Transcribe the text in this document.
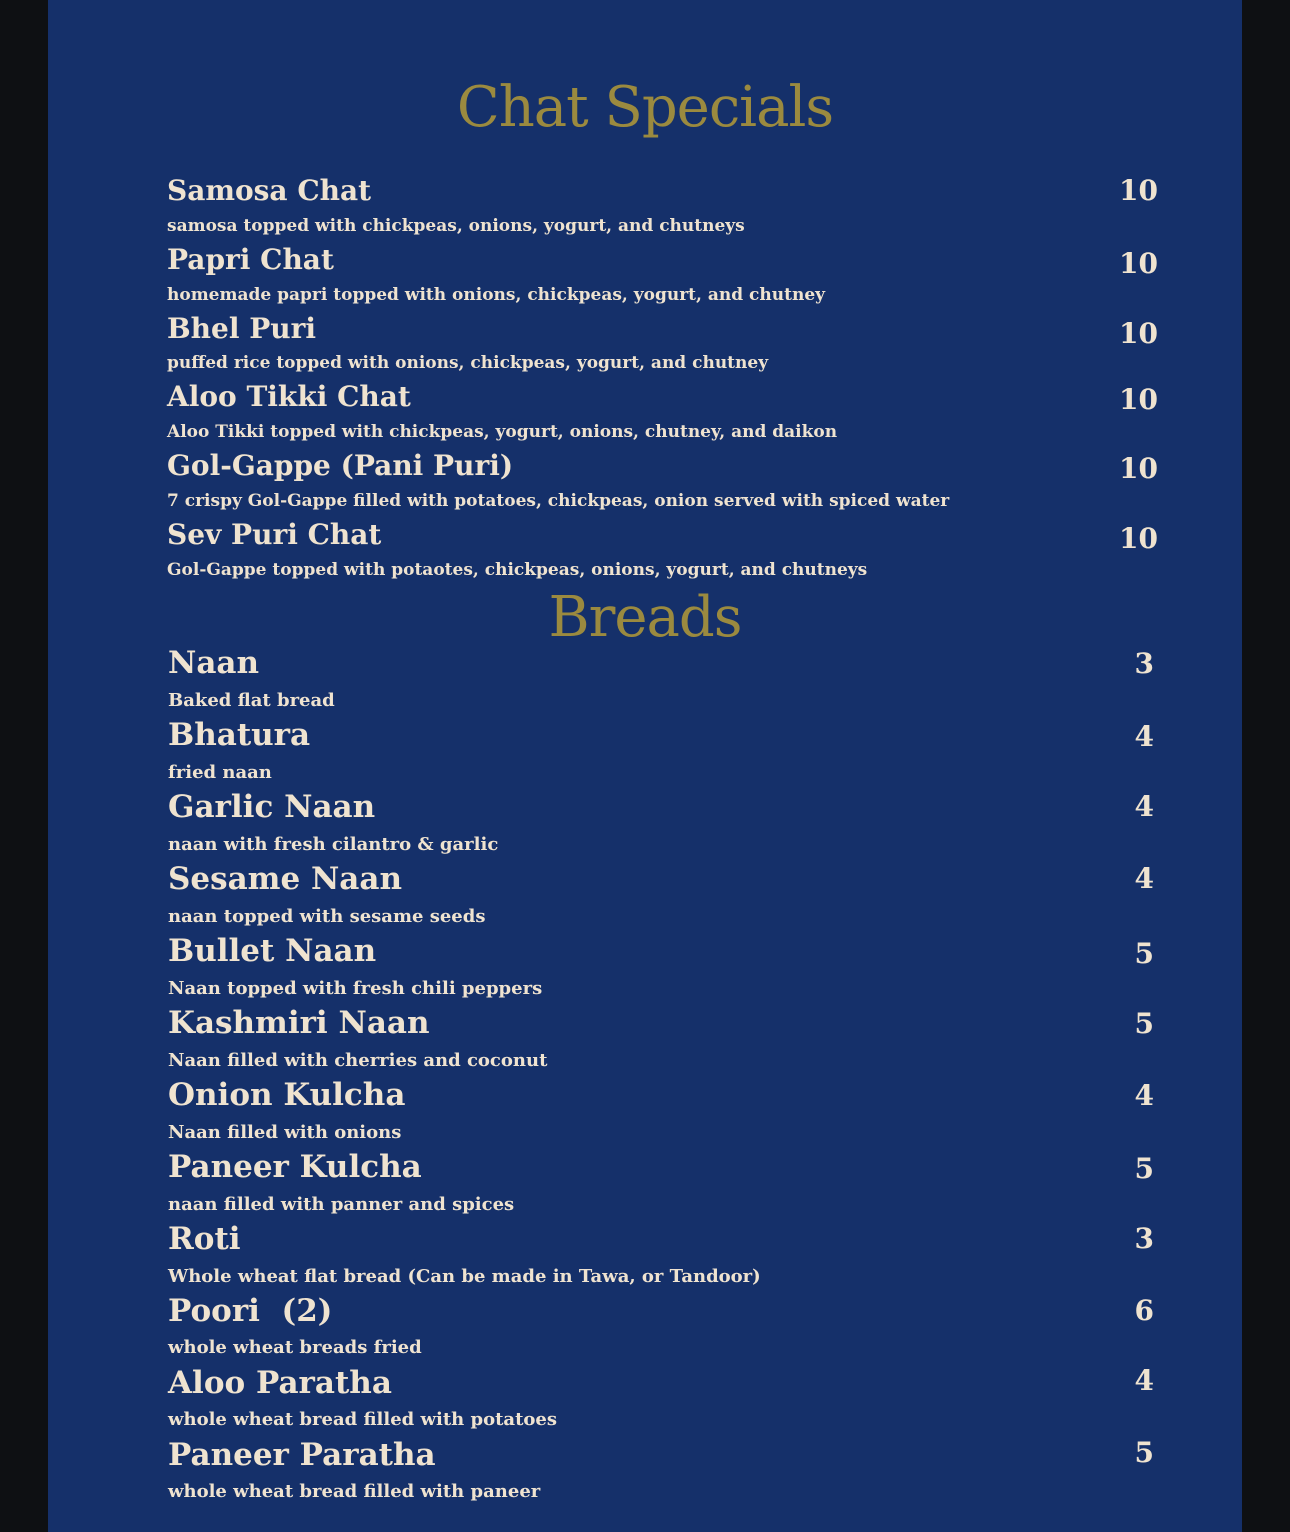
Chat Specials
Samosa Chat	10
samosa topped with chickpeas, onions, yogurt, and chutneys
Papri Chat	10
homemade papri topped with onions, chickpeas, yogurt, and chutney
Bhel Puri	10
puffed rice topped with onions, chickpeas, yogurt, and chutney
Aloo Tikki Chat	10
Aloo Tikki topped with chickpeas, yogurt, onions, chutney, and daikon
Gol-Gappe (Pani Puri)	10
7 crispy Gol-Gappe filled with potatoes, chickpeas, onion served with spiced water
Sev Puri Chat	10
Gol-Gappe topped with potaotes, chickpeas, onions, yogurt, and chutneys
Breads
Naan	3
Baked flat bread
Bhatura	4
fried naan
Garlic Naan	4
naan with fresh cilantro & garlic
Sesame Naan	4
naan topped with sesame seeds
Bullet Naan	5
Naan topped with fresh chili peppers
Kashmiri Naan	5
Naan filled with cherries and coconut
Onion Kulcha	4
Naan filled with onions
Paneer Kulcha	5
naan filled with panner and spices
Roti	3
Whole wheat flat bread (Can be made in Tawa, or Tandoor)
Poori  (2)	6
whole wheat breads fried
Aloo Paratha	4
whole wheat bread filled with potatoes
Paneer Paratha	5
whole wheat bread filled with paneer
